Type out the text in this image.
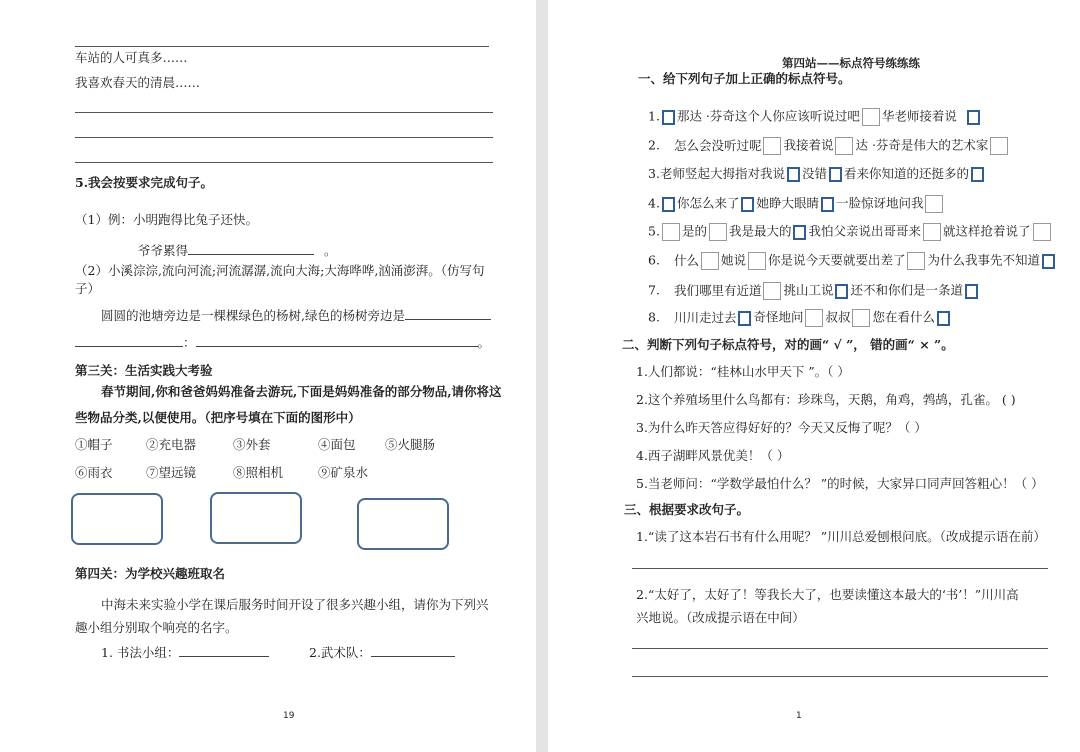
车站的人可真多……
我喜欢春天的清晨……
5.我会按要求完成句子。
（1）例：小明跑得比兔子还快。
爷爷累得	。
（2）小溪淙淙,流向河流;河流潺潺,流向大海;大海哗哗,汹涌澎湃。（仿写句
子）
圆圆的池塘旁边是一棵棵绿色的杨树,绿色的杨树旁边是
：	。
第三关：生活实践大考验
春节期间,你和爸爸妈妈准备去游玩,下面是妈妈准备的部分物品,请你将这
些物品分类,以便使用。（把序号填在下面的图形中）
①帽子	②充电器	③外套	④面包 ⑤火腿肠
⑥雨衣	⑦望远镜	⑧照相机	⑨矿泉水
第四关：为学校兴趣班取名
中海未来实验小学在课后服务时间开设了很多兴趣小组，请你为下列兴
趣小组分别取个响亮的名字。
1. 书法小组：	2.武术队：
19
第四站——标点符号练练练
一、给下列句子加上正确的标点符号。
1. 那达 ·芬奇这个人你应该听说过吧 华老师接着说
2. 怎么会没听过呢 我接着说 达 ·芬奇是伟大的艺术家
3.老师竖起大拇指对我说 没错 看来你知道的还挺多的
4. 你怎么来了 她睁大眼睛 一脸惊讶地问我
5. 是的 我是最大的 我怕父亲说出哥哥来 就这样抢着说了
6. 什么 她说 你是说今天要就要出差了 为什么我事先不知道
7. 我们哪里有近道 挑山工说 还不和你们是一条道
8. 川川走过去 奇怪地问 叔叔 您在看什么
二、判断下列句子标点符号，对的画“ √ ”， 错的画“ × ”。
1.人们都说：“桂林山水甲天下 ”。（ ）
2.这个养殖场里什么鸟都有：珍珠鸟，天鹅，角鸡，鹁鸪，孔雀。 ( )
3.为什么昨天答应得好好的？今天又反悔了呢？（ ）
4.西子湖畔风景优美！（ ）
5.当老师问：“学数学最怕什么？ ”的时候，大家异口同声回答粗心！（ ）
三、根据要求改句子。
1.“读了这本岩石书有什么用呢？ ”川川总爱刨根问底。（改成提示语在前）
2.“太好了，太好了！等我长大了，也要读懂这本最大的‘书’！”川川高
兴地说。（改成提示语在中间）
1
